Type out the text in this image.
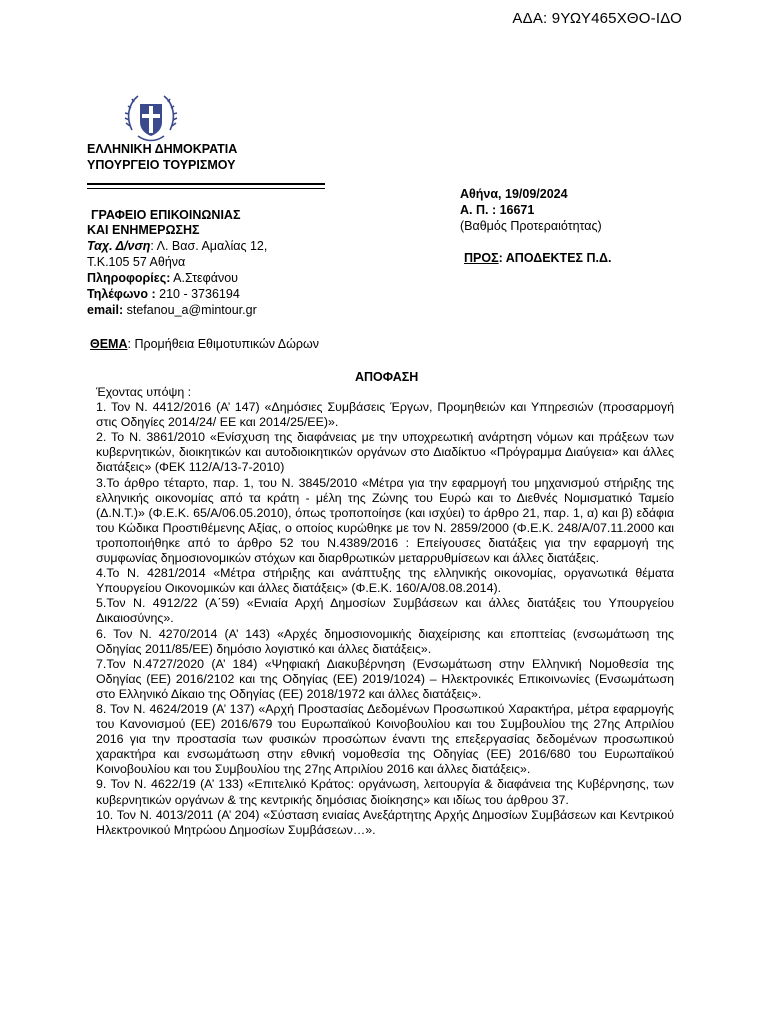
ΑΔΑ: 9ΥΩΥ465ΧΘΟ-ΙΔΟ
ΕΛΛΗΝΙΚΗ ΔΗΜΟΚΡΑΤΙΑ
ΥΠΟΥΡΓΕΙΟ ΤΟΥΡΙΣΜΟΥ
ΓΡΑΦΕΙΟ ΕΠΙΚΟΙΝΩΝΙΑΣ
ΚΑΙ ΕΝΗΜΕΡΩΣΗΣ
Ταχ. Δ/νση: Λ. Βασ. Αμαλίας 12,
Τ.Κ.105 57 Αθήνα
Πληροφορίες: Α.Στεφάνου
Τηλέφωνο : 210 - 3736194
email: stefanou_a@mintour.gr
Αθήνα, 19/09/2024
Α. Π. : 16671
(Βαθμός Προτεραιότητας)
ΠΡΟΣ: ΑΠΟΔΕΚΤΕΣ Π.Δ.
ΘΕΜΑ: Προμήθεια Εθιμοτυπικών Δώρων
ΑΠΟΦΑΣΗ

Έχοντας υπόψη :

1. Τον Ν. 4412/2016 (Α’ 147) «Δημόσιες Συμβάσεις Έργων, Προμηθειών και Υπηρεσιών (προσαρμογή στις Οδηγίες 2014/24/ ΕΕ και 2014/25/ΕΕ)».

2. Το Ν. 3861/2010 «Ενίσχυση της διαφάνειας με την υποχρεωτική ανάρτηση νόμων και πράξεων των κυβερνητικών, διοικητικών και αυτοδιοικητικών οργάνων στο Διαδίκτυο «Πρόγραμμα Διαύγεια» και άλλες διατάξεις» (ΦΕΚ 112/Α/13-7-2010)

3.Το άρθρο τέταρτο, παρ. 1, του Ν. 3845/2010 «Μέτρα για την εφαρμογή του μηχανισμού στήριξης της ελληνικής οικονομίας από τα κράτη - μέλη της Ζώνης του Ευρώ και το Διεθνές Νομισματικό Ταμείο (Δ.Ν.Τ.)» (Φ.Ε.Κ. 65/Α/06.05.2010), όπως τροποποίησε (και ισχύει) το άρθρο 21, παρ. 1, α) και β) εδάφια του Κώδικα Προστιθέμενης Αξίας, ο οποίος κυρώθηκε με τον Ν. 2859/2000 (Φ.Ε.Κ. 248/Α/07.11.2000 και τροποποιήθηκε από το άρθρο 52 του Ν.4389/2016 : Επείγουσες διατάξεις για την εφαρμογή της συμφωνίας δημοσιονομικών στόχων και διαρθρωτικών μεταρρυθμίσεων και άλλες διατάξεις.

4.Το Ν. 4281/2014 «Μέτρα στήριξης και ανάπτυξης της ελληνικής οικονομίας, οργανωτικά θέματα Υπουργείου Οικονομικών και άλλες διατάξεις» (Φ.Ε.Κ. 160/Α/08.08.2014).

5.Τον Ν. 4912/22 (Α΄59) «Ενιαία Αρχή Δημοσίων Συμβάσεων και άλλες διατάξεις του Υπουργείου Δικαιοσύνης».

6. Τον Ν. 4270/2014 (Α’ 143) «Αρχές δημοσιονομικής διαχείρισης και εποπτείας (ενσωμάτωση της Οδηγίας 2011/85/ΕΕ) δημόσιο λογιστικό και άλλες διατάξεις».

7.Τον Ν.4727/2020 (Α’ 184) «Ψηφιακή Διακυβέρνηση (Ενσωμάτωση στην Ελληνική Νομοθεσία της Οδηγίας (ΕΕ) 2016/2102 και της Οδηγίας (ΕΕ) 2019/1024) – Ηλεκτρονικές Επικοινωνίες (Ενσωμάτωση στο Ελληνικό Δίκαιο της Οδηγίας (ΕΕ) 2018/1972 και άλλες διατάξεις».

8. Τον Ν. 4624/2019 (Α’ 137) «Αρχή Προστασίας Δεδομένων Προσωπικού Χαρακτήρα, μέτρα εφαρμογής του Κανονισμού (ΕΕ) 2016/679 του Ευρωπαϊκού Κοινοβουλίου και του Συμβουλίου της 27ης Απριλίου 2016 για την προστασία των φυσικών προσώπων έναντι της επεξεργασίας δεδομένων προσωπικού χαρακτήρα και ενσωμάτωση στην εθνική νομοθεσία της Οδηγίας (ΕΕ) 2016/680 του Ευρωπαϊκού Κοινοβουλίου και του Συμβουλίου της 27ης Απριλίου 2016 και άλλες διατάξεις».

9. Τον Ν. 4622/19 (Α’ 133) «Επιτελικό Κράτος: οργάνωση, λειτουργία & διαφάνεια της Κυβέρνησης, των κυβερνητικών οργάνων & της κεντρικής δημόσιας διοίκησης» και ιδίως του άρθρου 37.

10. Τον Ν. 4013/2011 (Α’ 204) «Σύσταση ενιαίας Ανεξάρτητης Αρχής Δημοσίων Συμβάσεων και Κεντρικού Ηλεκτρονικού Μητρώου Δημοσίων Συμβάσεων…».
